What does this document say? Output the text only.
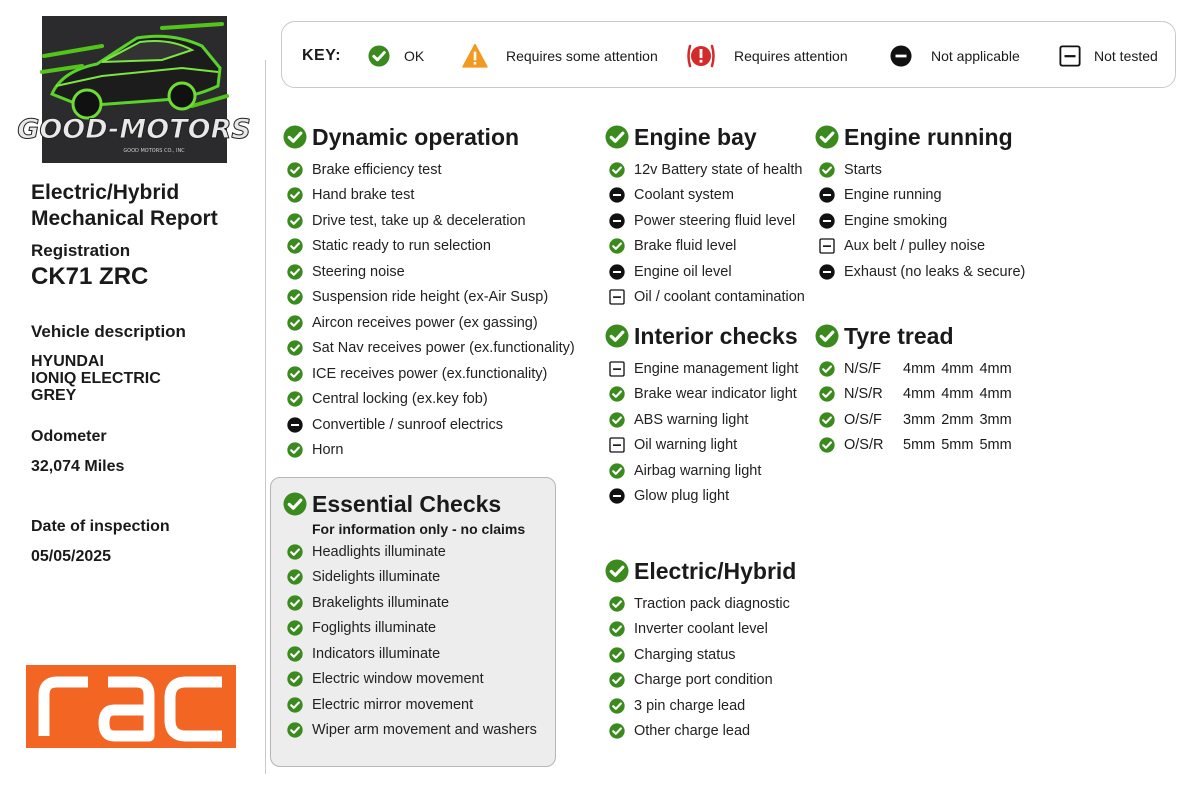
GOOD-MOTORS
GOOD MOTORS CO., INC
Electric/Hybrid
Mechanical Report
Registration
CK71 ZRC
Vehicle description
HYUNDAI
IONIQ ELECTRIC
GREY
Odometer
32,074 Miles
Date of inspection
05/05/2025
KEY:	OK	Requires some attention	Requires attention	Not applicable	Not tested
Dynamic operation
Brake efficiency test
Hand brake test
Drive test, take up & deceleration
Static ready to run selection
Steering noise
Suspension ride height (ex-Air Susp)
Aircon receives power (ex gassing)
Sat Nav receives power (ex.functionality)
ICE receives power (ex.functionality)
Central locking (ex.key fob)
Convertible / sunroof electrics
Horn
Essential Checks
For information only - no claims
Headlights illuminate
Sidelights illuminate
Brakelights illuminate
Foglights illuminate
Indicators illuminate
Electric window movement
Electric mirror movement
Wiper arm movement and washers
Engine bay
12v Battery state of health
Coolant system
Power steering fluid level
Brake fluid level
Engine oil level
Oil / coolant contamination
Interior checks
Engine management light
Brake wear indicator light
ABS warning light
Oil warning light
Airbag warning light
Glow plug light
Electric/Hybrid
Traction pack diagnostic
Inverter coolant level
Charging status
Charge port condition
3 pin charge lead
Other charge lead
Engine running
Starts
Engine running
Engine smoking
Aux belt / pulley noise
Exhaust (no leaks & secure)
Tyre tread
N/S/F	4mm 4mm 4mm
N/S/R	4mm 4mm 4mm
O/S/F	3mm 2mm 3mm
O/S/R	5mm 5mm 5mm
